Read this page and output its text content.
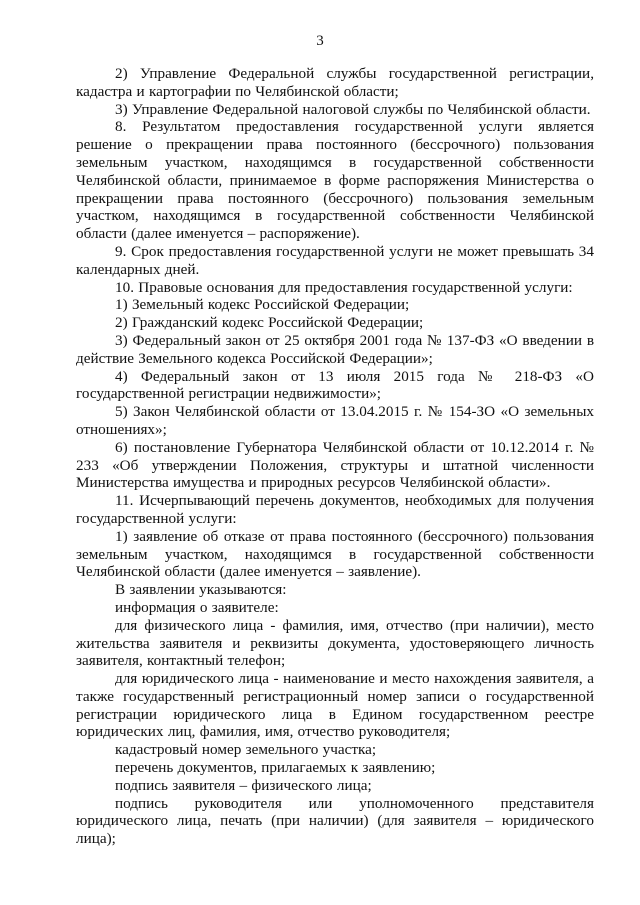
3

2) Управление Федеральной службы государственной регистрации, кадастра и картографии по Челябинской области;

3) Управление Федеральной налоговой службы по Челябинской области.

8. Результатом предоставления государственной услуги является решение о прекращении права постоянного (бессрочного) пользования земельным участком, находящимся в государственной собственности Челябинской области, принимаемое в форме распоряжения Министерства о прекращении права постоянного (бессрочного) пользования земельным участком, находящимся в государственной собственности Челябинской области (далее именуется – распоряжение).

9. Срок предоставления государственной услуги не может превышать 34 календарных дней.

10. Правовые основания для предоставления государственной услуги:

1) Земельный кодекс Российской Федерации;

2) Гражданский кодекс Российской Федерации;

3) Федеральный закон от 25 октября 2001 года № 137-ФЗ «О введении в действие Земельного кодекса Российской Федерации»;

4) Федеральный закон от 13 июля 2015 года № 218-ФЗ «О государственной регистрации недвижимости»;

5) Закон Челябинской области от 13.04.2015 г. № 154-ЗО «О земельных отношениях»;

6) постановление Губернатора Челябинской области от 10.12.2014 г. № 233 «Об утверждении Положения, структуры и штатной численности Министерства имущества и природных ресурсов Челябинской области».

11. Исчерпывающий перечень документов, необходимых для получения государственной услуги:

1) заявление об отказе от права постоянного (бессрочного) пользования земельным участком, находящимся в государственной собственности Челябинской области (далее именуется – заявление).

В заявлении указываются:

информация о заявителе:

для физического лица - фамилия, имя, отчество (при наличии), место жительства заявителя и реквизиты документа, удостоверяющего личность заявителя, контактный телефон;

для юридического лица - наименование и место нахождения заявителя, а также государственный регистрационный номер записи о государственной регистрации юридического лица в Едином государственном реестре юридических лиц, фамилия, имя, отчество руководителя;

кадастровый номер земельного участка;

перечень документов, прилагаемых к заявлению;

подпись заявителя – физического лица;

подпись руководителя или уполномоченного представителя юридического лица, печать (при наличии) (для заявителя – юридического лица);
